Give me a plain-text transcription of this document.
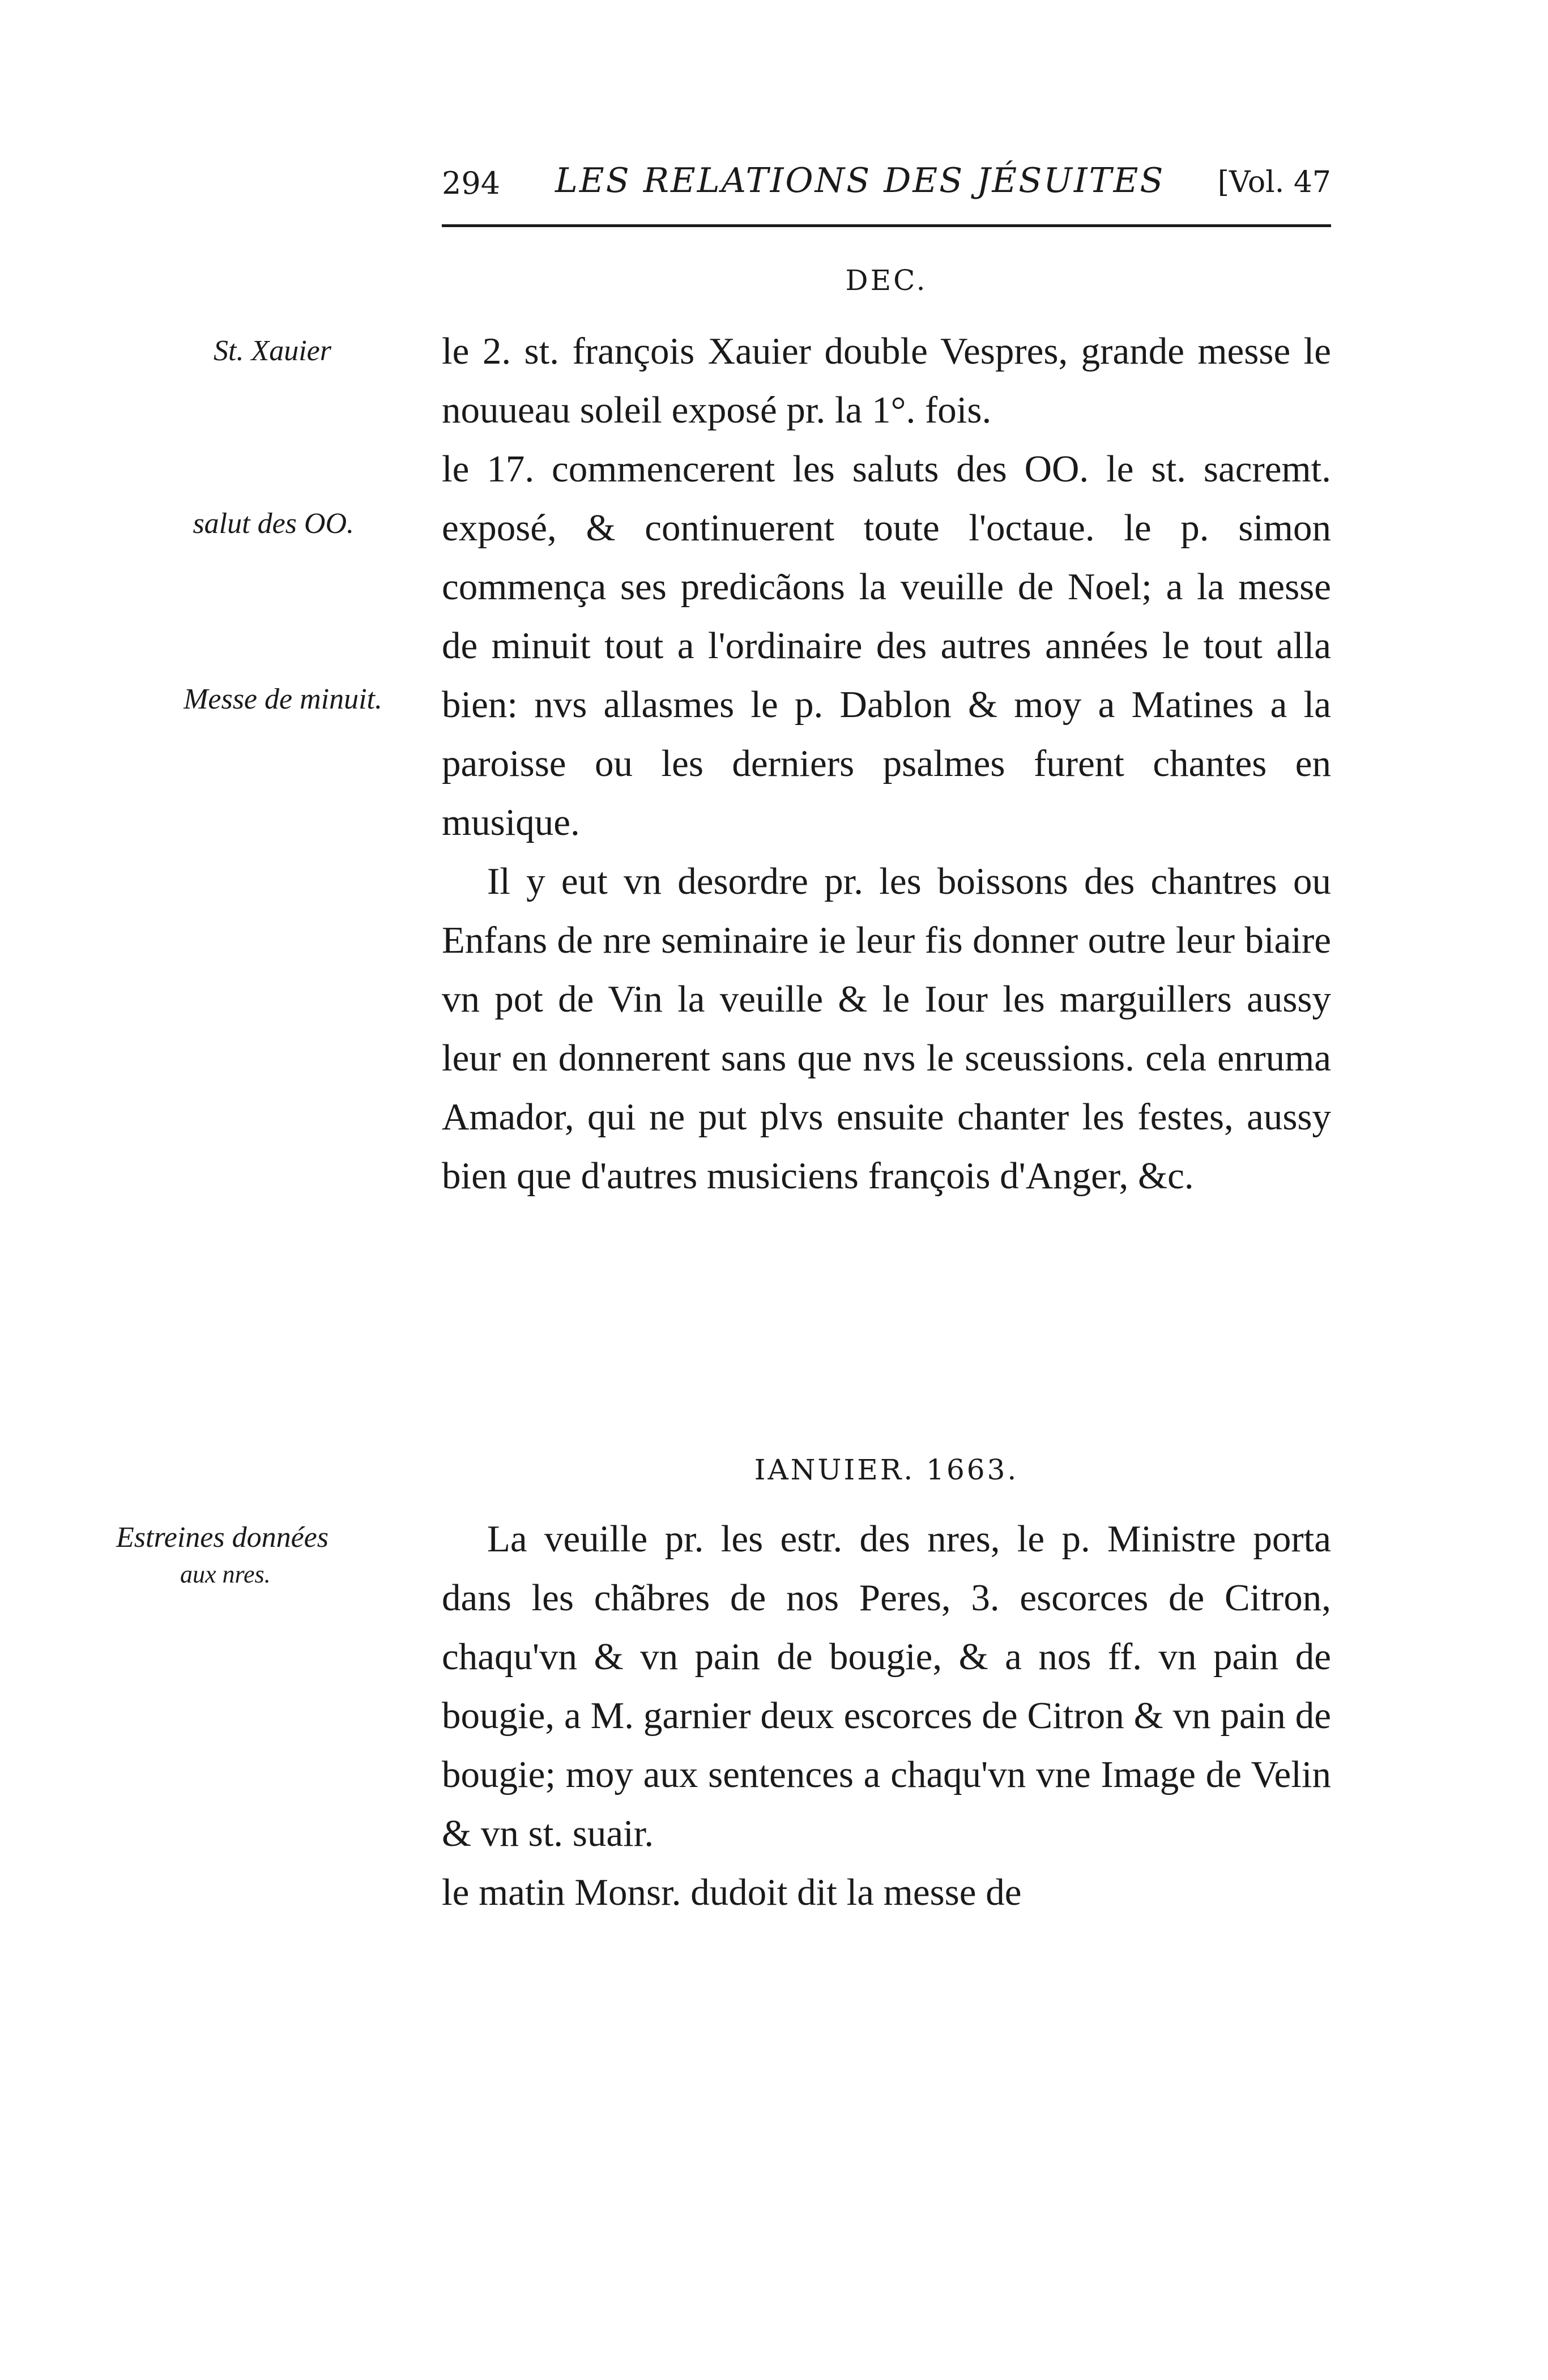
294 LES RELATIONS DES JÉSUITES [Vol. 47
DEC.

le 2. st. françois Xauier double Vespres, grande messe le nouueau soleil exposé pr. la 1°. fois.

le 17. commencerent les saluts des OO. le st. sacremt. exposé, & continuerent toute l'octaue. le p. simon commença ses predicãons la veuille de Noel; a la messe de minuit tout a l'ordinaire des autres années le tout alla bien: nvs allasmes le p. Dablon & moy a Matines a la paroisse ou les derniers psalmes furent chantes en musique.

Il y eut vn desordre pr. les boissons des chantres ou Enfans de nre seminaire ie leur fis donner outre leur biaire vn pot de Vin la veuille & le Iour les marguillers aussy leur en donnerent sans que nvs le sceussions. cela enruma Amador, qui ne put plvs ensuite chanter les festes, aussy bien que d'autres musiciens françois d'Anger, &c.

IANUIER. 1663.

La veuille pr. les estr. des nres, le p. Ministre porta dans les chãbres de nos Peres, 3. escorces de Citron, chaqu'vn & vn pain de bougie, & a nos ff. vn pain de bougie, a M. garnier deux escorces de Citron & vn pain de bougie; moy aux sentences a chaqu'vn vne Image de Velin & vn st. suair.

le matin Monsr. dudoit dit la messe de

St. Xauier
salut des OO.
Messe de minuit.
Estreines données
aux nres.
